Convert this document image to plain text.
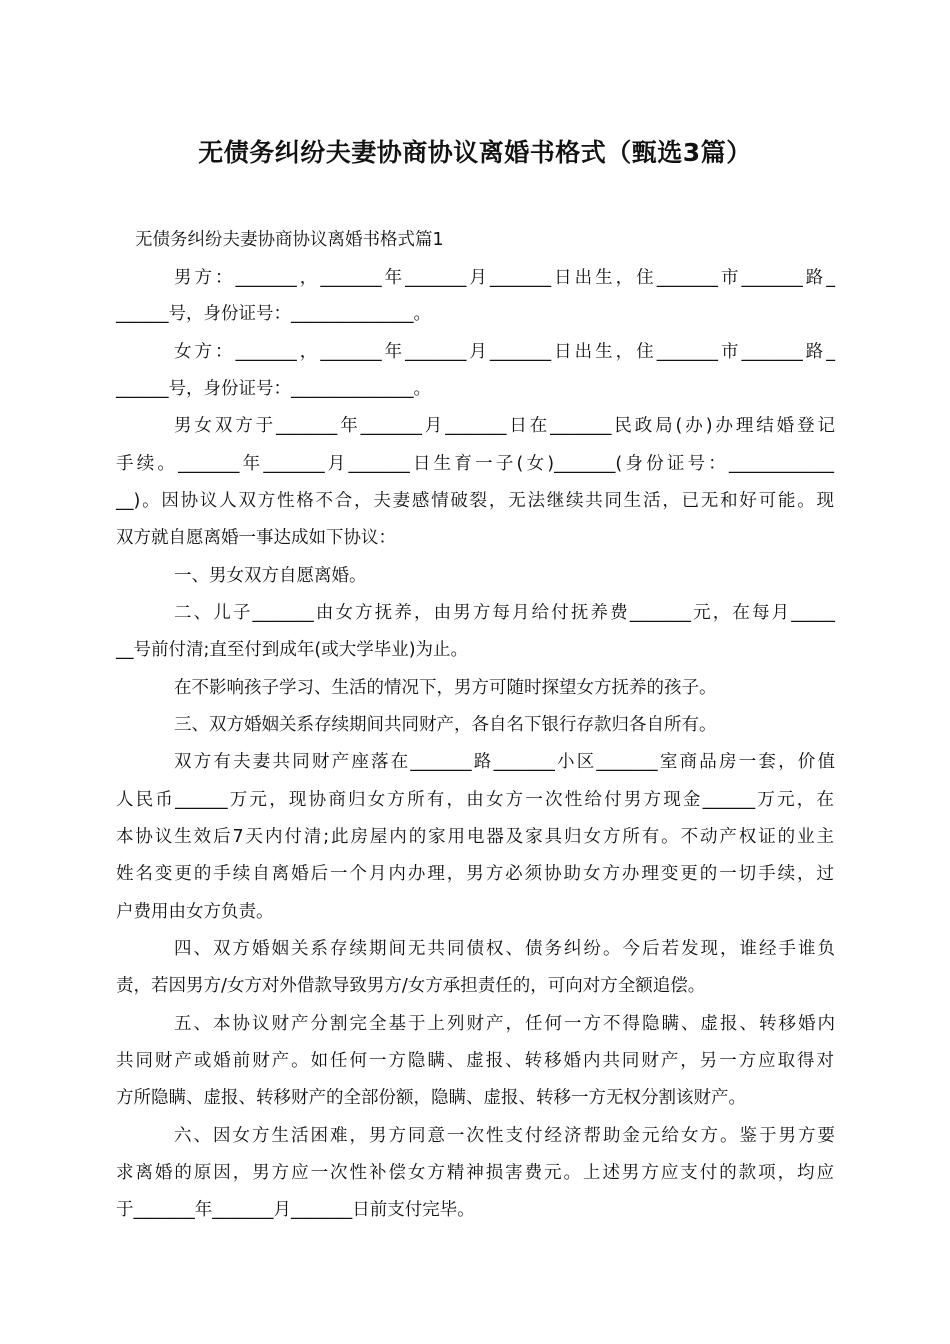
无债务纠纷夫妻协商协议离婚书格式（甄选3篇）
无债务纠纷夫妻协商协议离婚书格式篇1
男方：_______，_______年_______月_______日出生，住_______市_______路_
______号，身份证号：______________。
女方：_______，_______年_______月_______日出生，住_______市_______路_
______号，身份证号：______________。
男女双方于_______年_______月_______日在_______民政局(办)办理结婚登记
手续。_______年_______月_______日生育一子(女)_______(身份证号：____________
__)。因协议人双方性格不合，夫妻感情破裂，无法继续共同生活，已无和好可能。现
双方就自愿离婚一事达成如下协议：
一、男女双方自愿离婚。
二、儿子_______由女方抚养，由男方每月给付抚养费_______元，在每月_____
__号前付清;直至付到成年(或大学毕业)为止。
在不影响孩子学习、生活的情况下，男方可随时探望女方抚养的孩子。
三、双方婚姻关系存续期间共同财产，各自名下银行存款归各自所有。
双方有夫妻共同财产座落在_______路_______小区_______室商品房一套，价值
人民币______万元，现协商归女方所有，由女方一次性给付男方现金______万元，在
本协议生效后7天内付清;此房屋内的家用电器及家具归女方所有。不动产权证的业主
姓名变更的手续自离婚后一个月内办理，男方必须协助女方办理变更的一切手续，过
户费用由女方负责。
四、双方婚姻关系存续期间无共同债权、债务纠纷。今后若发现，谁经手谁负
责，若因男方/女方对外借款导致男方/女方承担责任的，可向对方全额追偿。
五、本协议财产分割完全基于上列财产，任何一方不得隐瞒、虚报、转移婚内
共同财产或婚前财产。如任何一方隐瞒、虚报、转移婚内共同财产，另一方应取得对
方所隐瞒、虚报、转移财产的全部份额，隐瞒、虚报、转移一方无权分割该财产。
六、因女方生活困难，男方同意一次性支付经济帮助金元给女方。鉴于男方要
求离婚的原因，男方应一次性补偿女方精神损害费元。上述男方应支付的款项，均应
于_______年_______月_______日前支付完毕。
